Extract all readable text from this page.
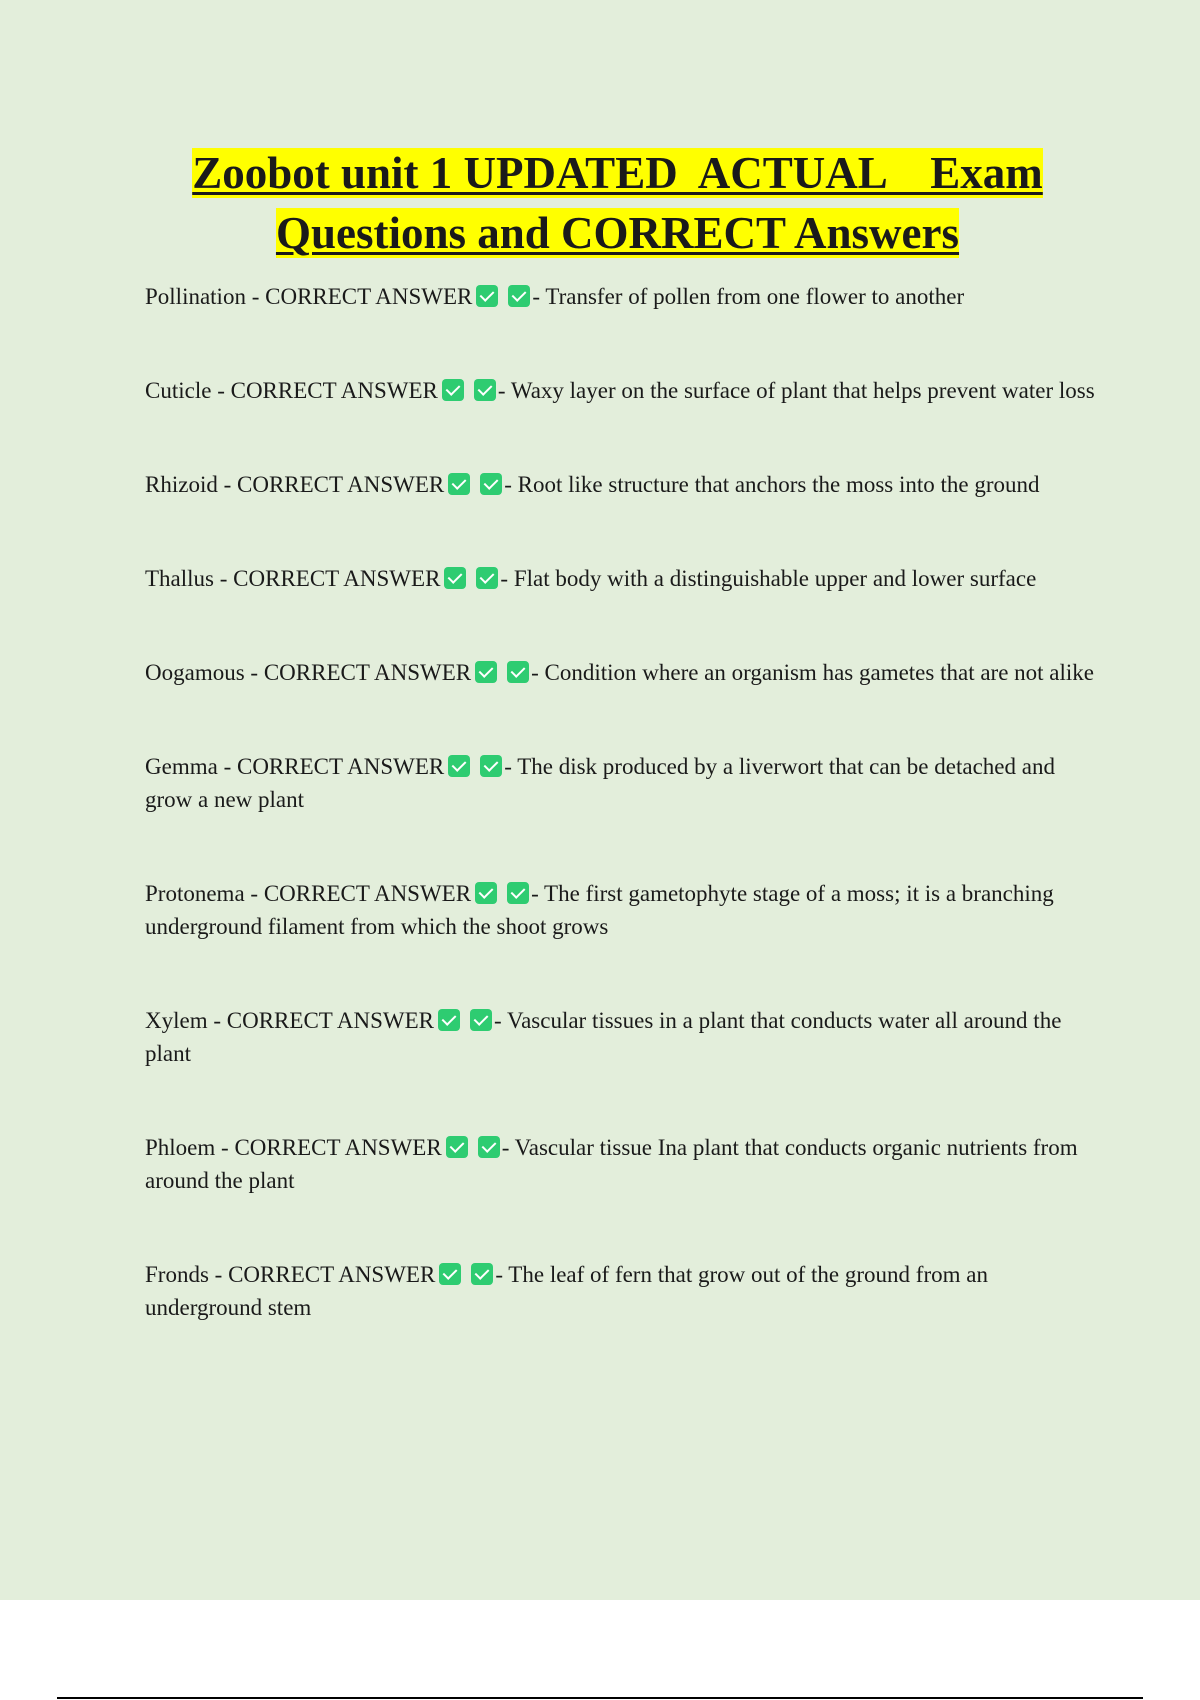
Zoobot unit 1 UPDATED  ACTUAL    Exam
Questions and CORRECT Answers

Pollination - CORRECT ANSWER	- Transfer of pollen from one flower to another

Cuticle - CORRECT ANSWER	- Waxy layer on the surface of plant that helps prevent water loss

Rhizoid - CORRECT ANSWER	- Root like structure that anchors the moss into the ground

Thallus - CORRECT ANSWER	- Flat body with a distinguishable upper and lower surface

Oogamous - CORRECT ANSWER	- Condition where an organism has gametes that are not alike

Gemma - CORRECT ANSWER	- The disk produced by a liverwort that can be detached and grow a new plant

Protonema - CORRECT ANSWER	- The first gametophyte stage of a moss; it is a branching underground filament from which the shoot grows

Xylem - CORRECT ANSWER	- Vascular tissues in a plant that conducts water all around the plant

Phloem - CORRECT ANSWER	- Vascular tissue Ina plant that conducts organic nutrients from around the plant

Fronds - CORRECT ANSWER	- The leaf of fern that grow out of the ground from an underground stem
